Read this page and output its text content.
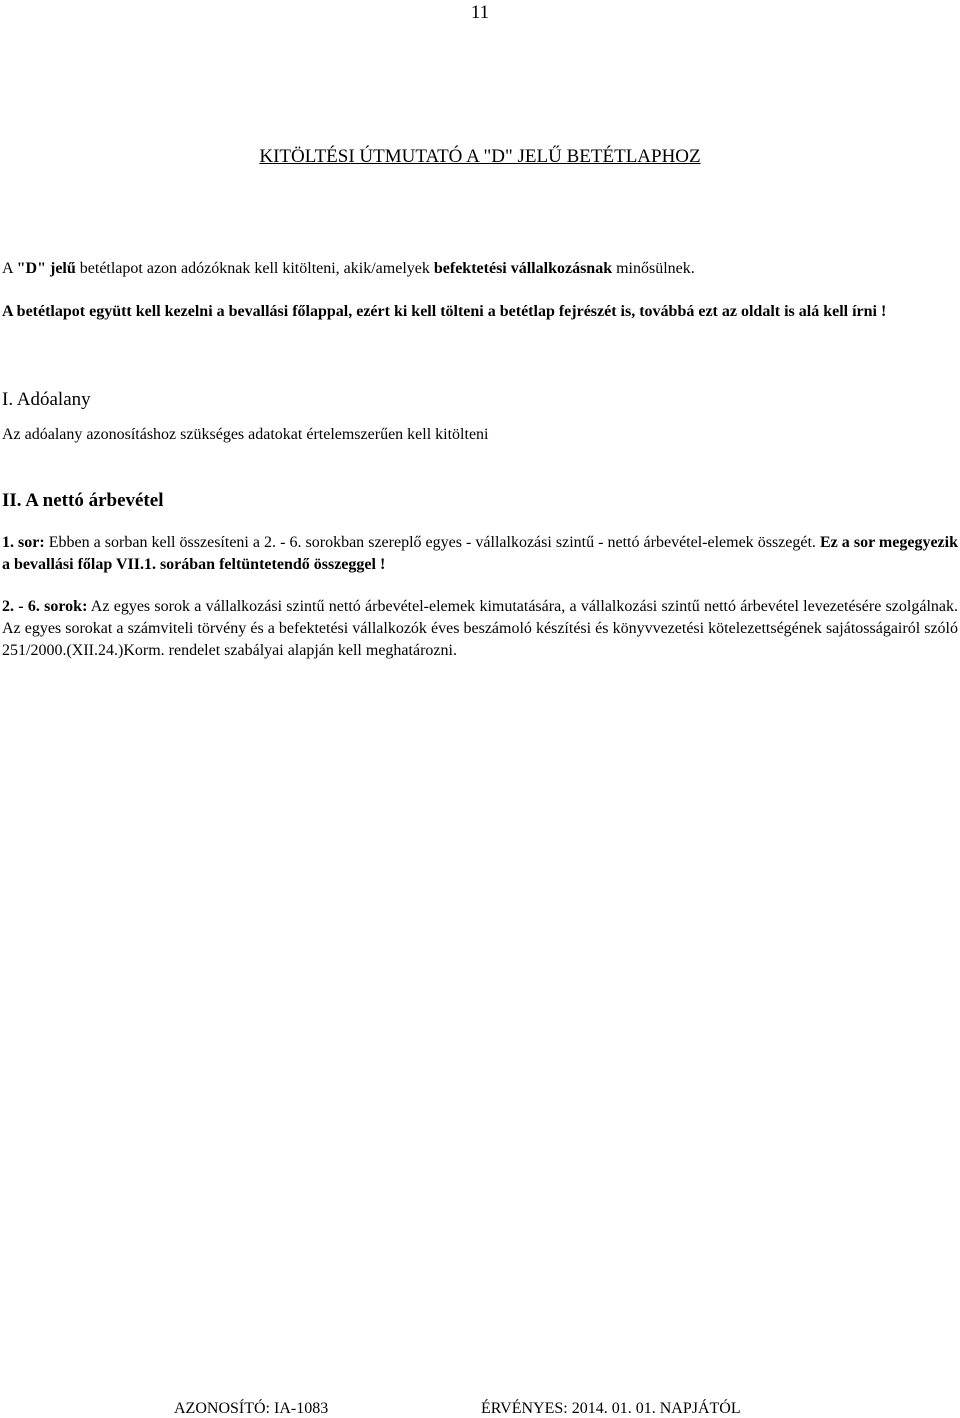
11
KITÖLTÉSI ÚTMUTATÓ A "D" JELŰ BETÉTLAPHOZ
A "D" jelű betétlapot azon adózóknak kell kitölteni, akik/amelyek befektetési vállalkozásnak minősülnek.
A betétlapot együtt kell kezelni a bevallási főlappal, ezért ki kell tölteni a betétlap fejrészét is, továbbá ezt az oldalt is alá kell írni !
I. Adóalany
Az adóalany azonosításhoz szükséges adatokat értelemszerűen kell kitölteni
II. A nettó árbevétel
1. sor: Ebben a sorban kell összesíteni a 2. - 6. sorokban szereplő egyes - vállalkozási szintű - nettó árbevétel-elemek összegét. Ez a sor megegyezik a bevallási főlap VII.1. sorában feltüntetendő összeggel !
2. - 6. sorok: Az egyes sorok a vállalkozási szintű nettó árbevétel-elemek kimutatására, a vállalkozási szintű nettó árbevétel levezetésére szolgálnak. Az egyes sorokat a számviteli törvény és a befektetési vállalkozók éves beszámoló készítési és könyvvezetési kötelezettségének sajátosságairól szóló 251/2000.(XII.24.)Korm. rendelet szabályai alapján kell meghatározni.
AZONOSÍTÓ: IA-1083	ÉRVÉNYES: 2014. 01. 01. NAPJÁTÓL
